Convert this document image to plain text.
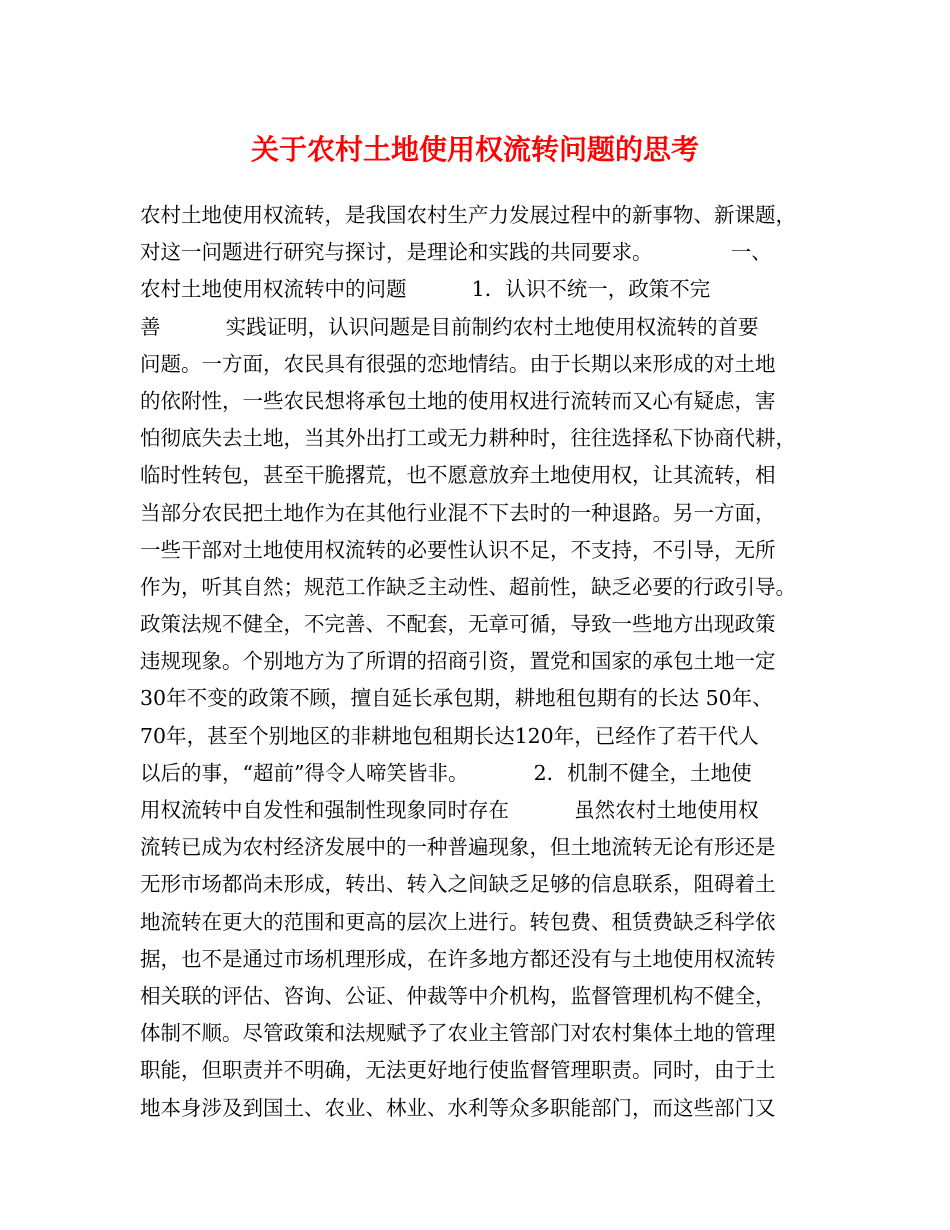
关于农村土地使用权流转问题的思考
农村土地使用权流转，是我国农村生产力发展过程中的新事物、新课题，
对这一问题进行研究与探讨，是理论和实践的共同要求。            一、
农村土地使用权流转中的问题          1．认识不统一，政策不完
善          实践证明，认识问题是目前制约农村土地使用权流转的首要
问题。一方面，农民具有很强的恋地情结。由于长期以来形成的对土地
的依附性，一些农民想将承包土地的使用权进行流转而又心有疑虑，害
怕彻底失去土地，当其外出打工或无力耕种时，往往选择私下协商代耕，
临时性转包，甚至干脆撂荒，也不愿意放弃土地使用权，让其流转，相
当部分农民把土地作为在其他行业混不下去时的一种退路。另一方面，
一些干部对土地使用权流转的必要性认识不足，不支持，不引导，无所
作为，听其自然；规范工作缺乏主动性、超前性，缺乏必要的行政引导。
政策法规不健全，不完善、不配套，无章可循，导致一些地方出现政策
违规现象。个别地方为了所谓的招商引资，置党和国家的承包土地一定
30年不变的政策不顾，擅自延长承包期，耕地租包期有的长达 50年、
70年，甚至个别地区的非耕地包租期长达120年，已经作了若干代人
以后的事，“超前”得令人啼笑皆非。          2．机制不健全，土地使
用权流转中自发性和强制性现象同时存在          虽然农村土地使用权
流转已成为农村经济发展中的一种普遍现象，但土地流转无论有形还是
无形市场都尚未形成，转出、转入之间缺乏足够的信息联系，阻碍着土
地流转在更大的范围和更高的层次上进行。转包费、租赁费缺乏科学依
据，也不是通过市场机理形成，在许多地方都还没有与土地使用权流转
相关联的评估、咨询、公证、仲裁等中介机构，监督管理机构不健全，
体制不顺。尽管政策和法规赋予了农业主管部门对农村集体土地的管理
职能，但职责并不明确，无法更好地行使监督管理职责。同时，由于土
地本身涉及到国土、农业、林业、水利等众多职能部门，而这些部门又
